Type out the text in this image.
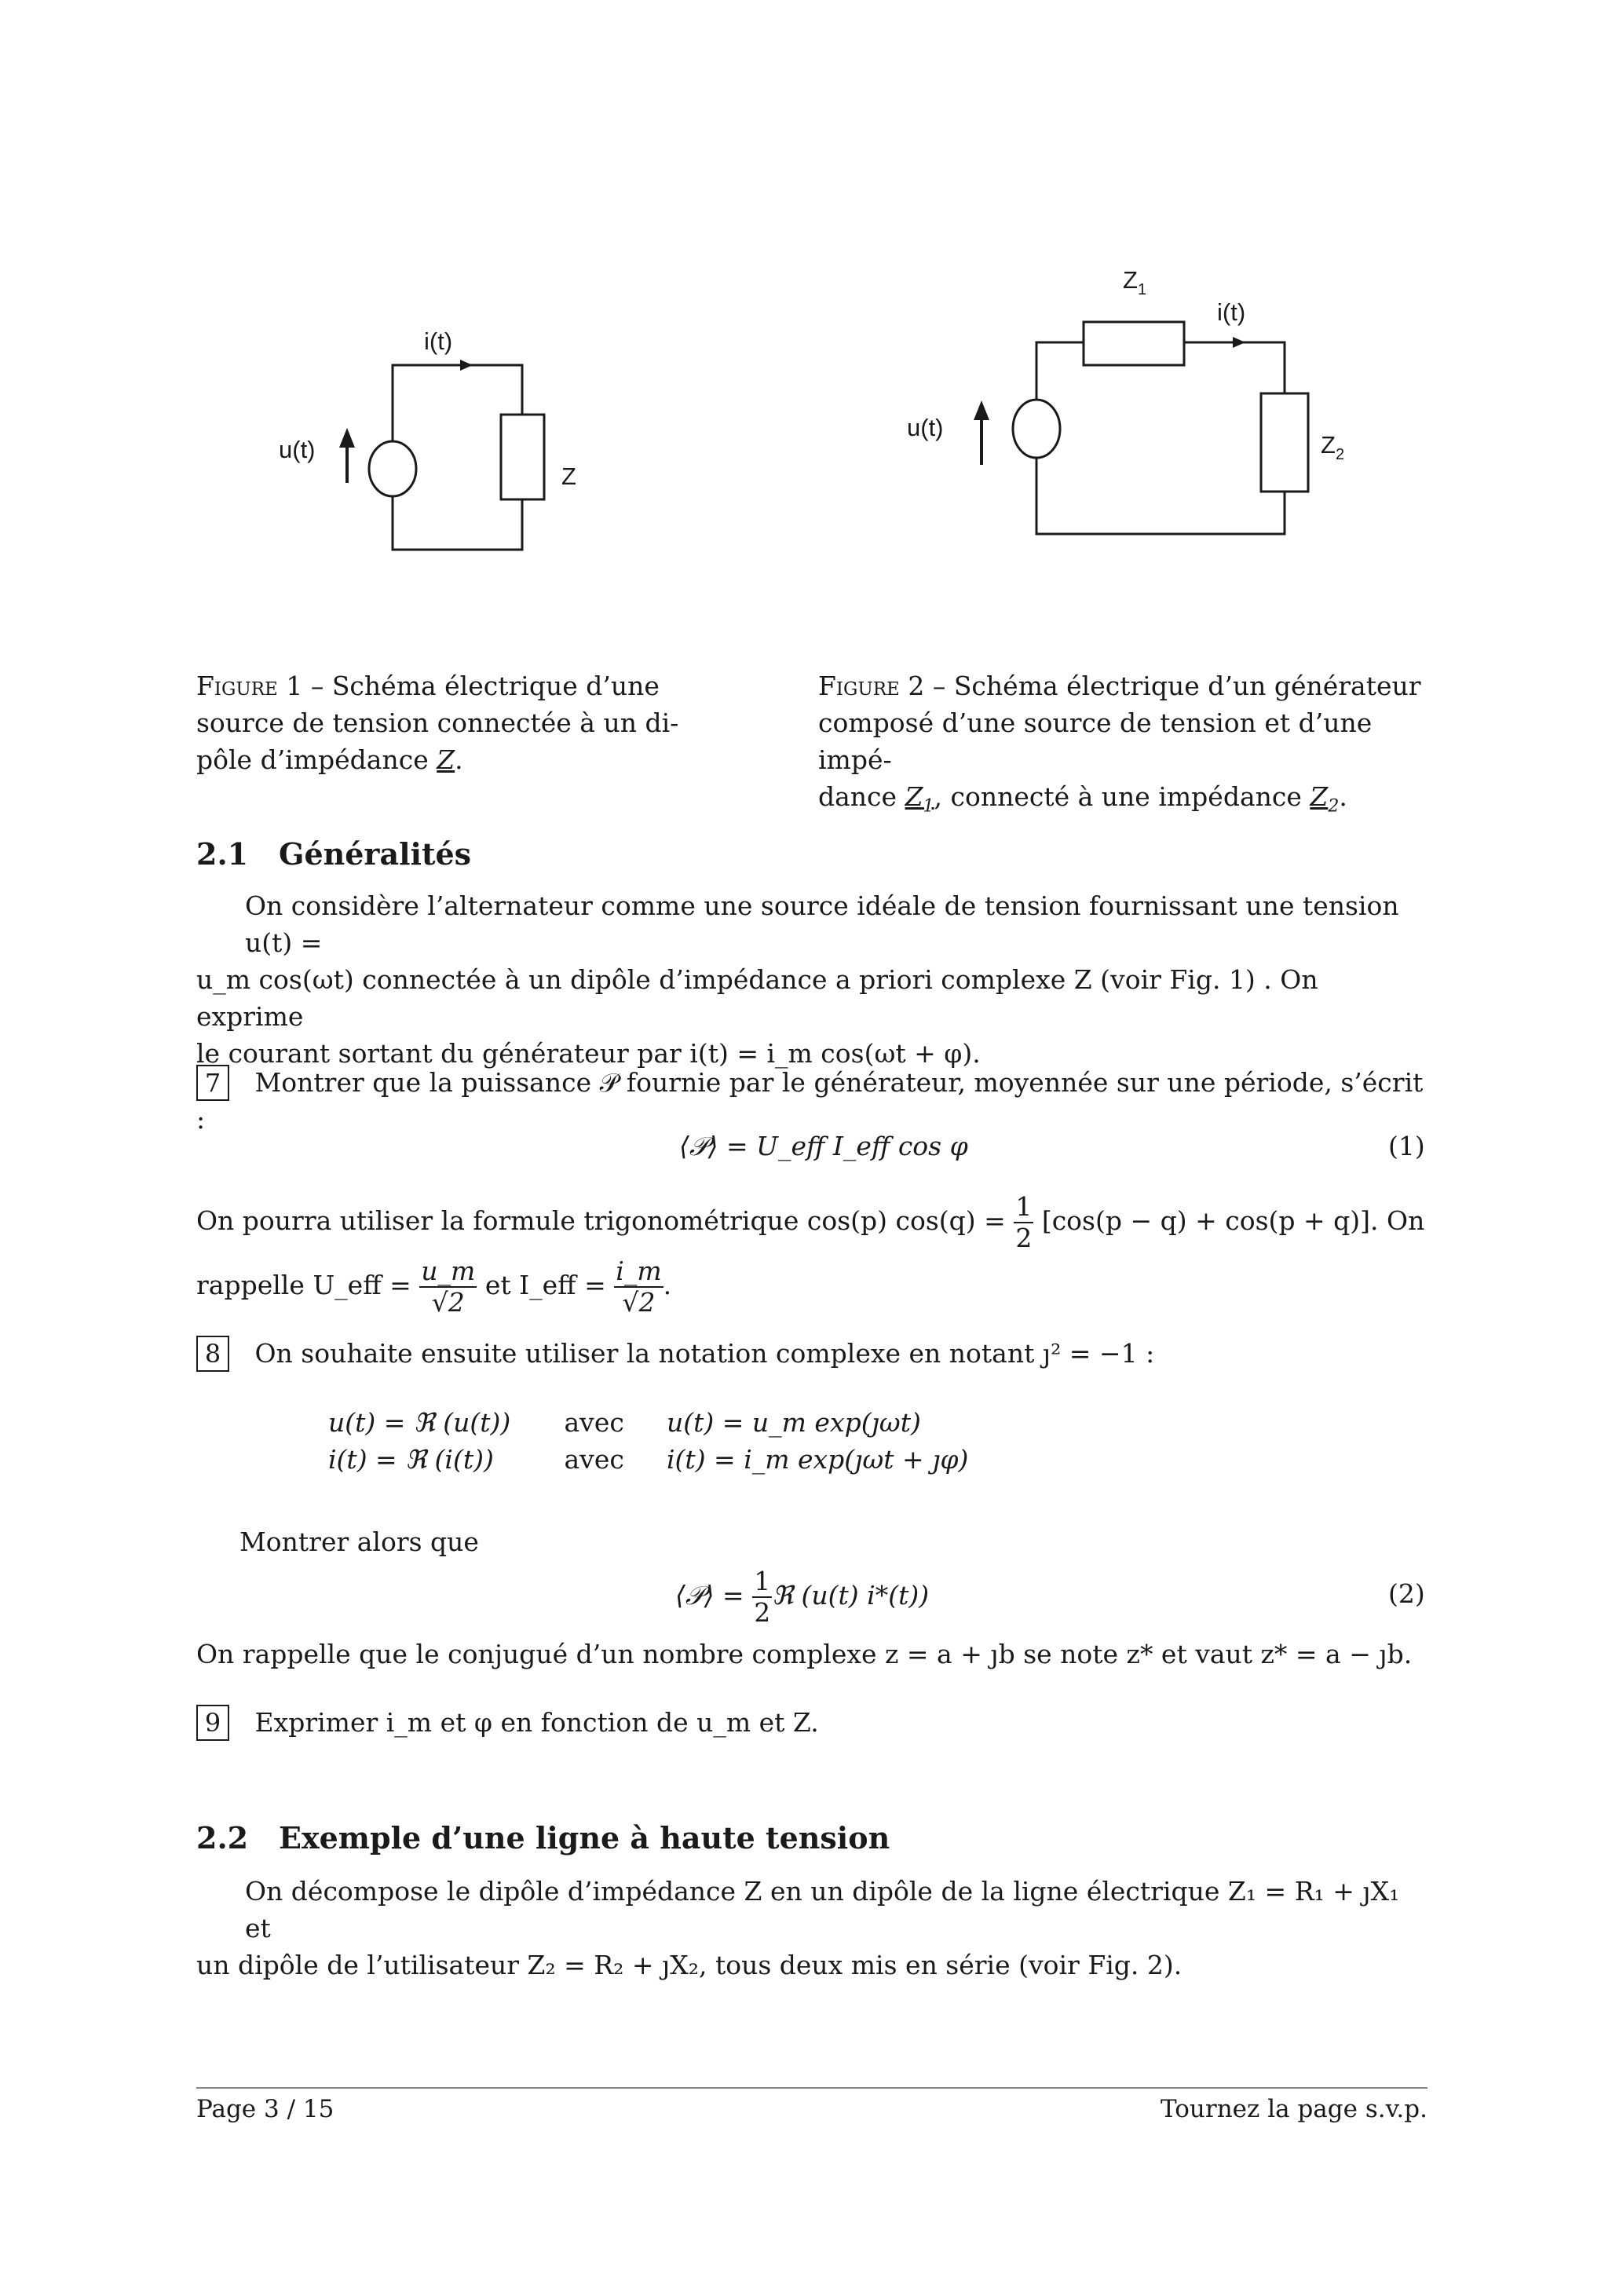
i(t)
u(t)
Z
Figure 1 – Schéma électrique d’une
source de tension connectée à un di-
pôle d’impédance Z.
$Z_1$
i(t)
u(t)
$Z_2$
Figure 2 – Schéma électrique d’un générateur
composé d’une source de tension et d’une impé-
dance $Z_1$, connecté à une impédance $Z_2$.
2.1 Généralités
On considère l’alternateur comme une source idéale de tension fournissant une tension u(t) =
u_m cos(ωt) connectée à un dipôle d’impédance a priori complexe Z (voir Fig. 1) . On exprime
le courant sortant du générateur par i(t) = i_m cos(ωt + φ).
7 Montrer que la puissance 𝒫 fournie par le générateur, moyennée sur une période, s’écrit :
⟨𝒫⟩ = U_eff I_eff cos φ	(1)
On pourra utiliser la formule trigonométrique cos(p) $\cos(q) = \frac{1}{2} [\cos(p - q) + \cos(p + q)]$. On
rappelle U_eff = $\frac{u\_m}{√2}$ et I_eff = $\frac{i\_m}{√2}$ .
8 On souhaite ensuite utiliser la notation complexe en notant ȷ² = −1 :
u(t) = ℜ (u(t)) avec u(t) = u_m exp(ȷωt)
i(t) = ℜ (i(t))	avec i(t) = i_m exp(ȷωt + ȷφ)
Montrer alors que
⟨𝒫⟩ = $\frac{1}{2}$ ℜ (u(t) i*(t))	(2)
On rappelle que le conjugué d’un nombre complexe z = a + ȷb se note z* et vaut z* = a − ȷb.
9 Exprimer i_m et φ en fonction de u_m et Z.
2.2 Exemple d’une ligne à haute tension
On décompose le dipôle d’impédance Z en un dipôle de la ligne électrique Z₁ = R₁ + ȷX₁ et
un dipôle de l’utilisateur Z₂ = R₂ + ȷX₂, tous deux mis en série (voir Fig. 2).
Page 3 / 15	Tournez la page s.v.p.
